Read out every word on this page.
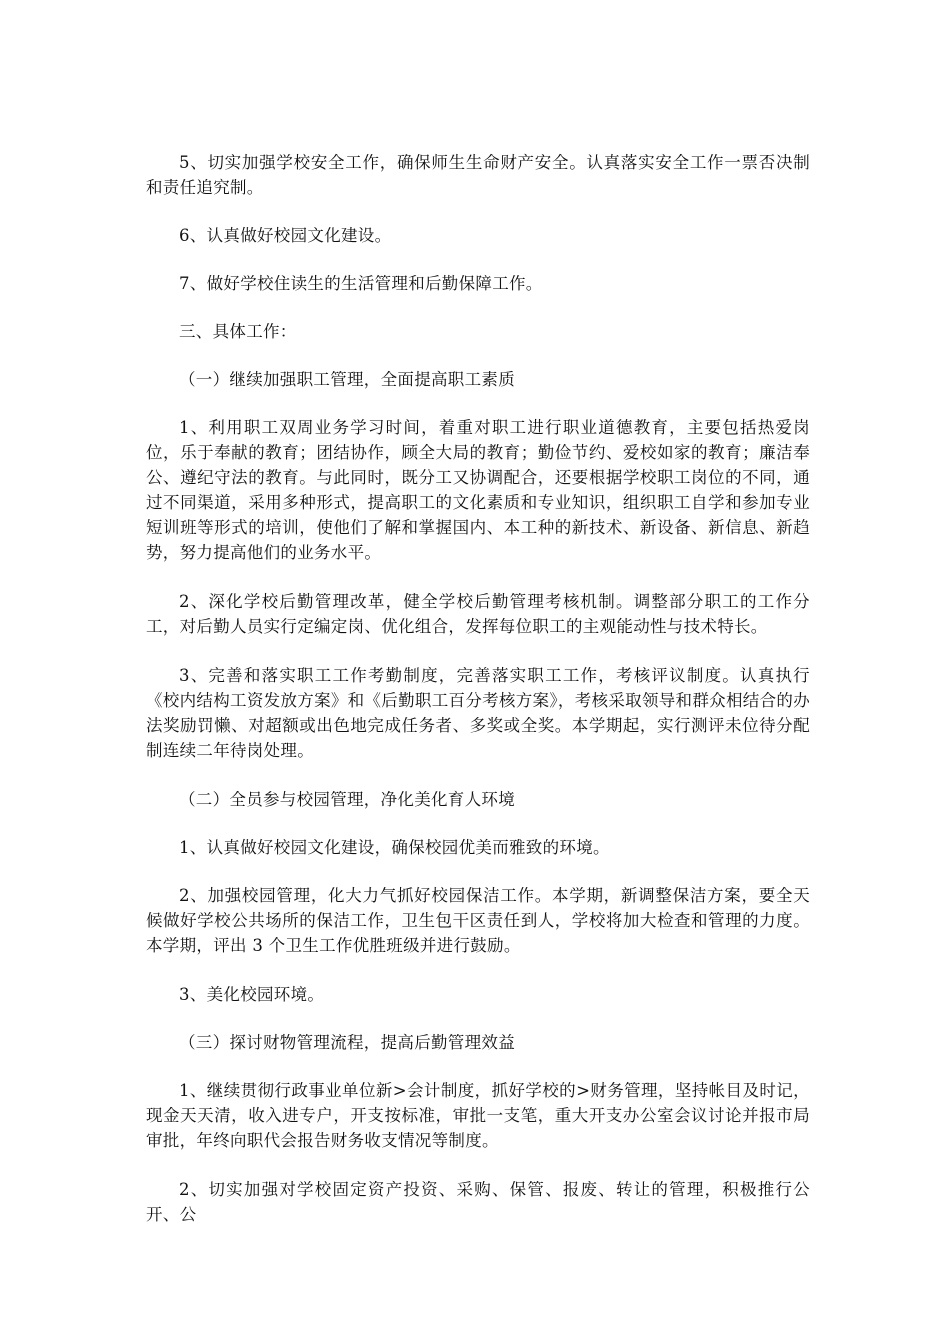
5、切实加强学校安全工作，确保师生生命财产安全。认真落实安全工作一票否决制和责任追究制。

6、认真做好校园文化建设。

7、做好学校住读生的生活管理和后勤保障工作。

三、具体工作：

（一）继续加强职工管理，全面提高职工素质

1、利用职工双周业务学习时间，着重对职工进行职业道德教育，主要包括热爱岗位，乐于奉献的教育；团结协作，顾全大局的教育；勤俭节约、爱校如家的教育；廉洁奉公、遵纪守法的教育。与此同时，既分工又协调配合，还要根据学校职工岗位的不同，通过不同渠道，采用多种形式，提高职工的文化素质和专业知识，组织职工自学和参加专业短训班等形式的培训，使他们了解和掌握国内、本工种的新技术、新设备、新信息、新趋势，努力提高他们的业务水平。

2、深化学校后勤管理改革，健全学校后勤管理考核机制。调整部分职工的工作分工，对后勤人员实行定编定岗、优化组合，发挥每位职工的主观能动性与技术特长。

3、完善和落实职工工作考勤制度，完善落实职工工作，考核评议制度。认真执行《校内结构工资发放方案》和《后勤职工百分考核方案》，考核采取领导和群众相结合的办法奖励罚懒、对超额或出色地完成任务者、多奖或全奖。本学期起，实行测评未位待分配制连续二年待岗处理。

（二）全员参与校园管理，净化美化育人环境

1、认真做好校园文化建设，确保校园优美而雅致的环境。

2、加强校园管理，化大力气抓好校园保洁工作。本学期，新调整保洁方案，要全天候做好学校公共场所的保洁工作，卫生包干区责任到人，学校将加大检查和管理的力度。本学期，评出 3 个卫生工作优胜班级并进行鼓励。

3、美化校园环境。

（三）探讨财物管理流程，提高后勤管理效益

1、继续贯彻行政事业单位新>会计制度，抓好学校的>财务管理，坚持帐目及时记，现金天天清，收入进专户，开支按标准，审批一支笔，重大开支办公室会议讨论并报市局审批，年终向职代会报告财务收支情况等制度。

2、切实加强对学校固定资产投资、采购、保管、报废、转让的管理，积极推行公开、公
